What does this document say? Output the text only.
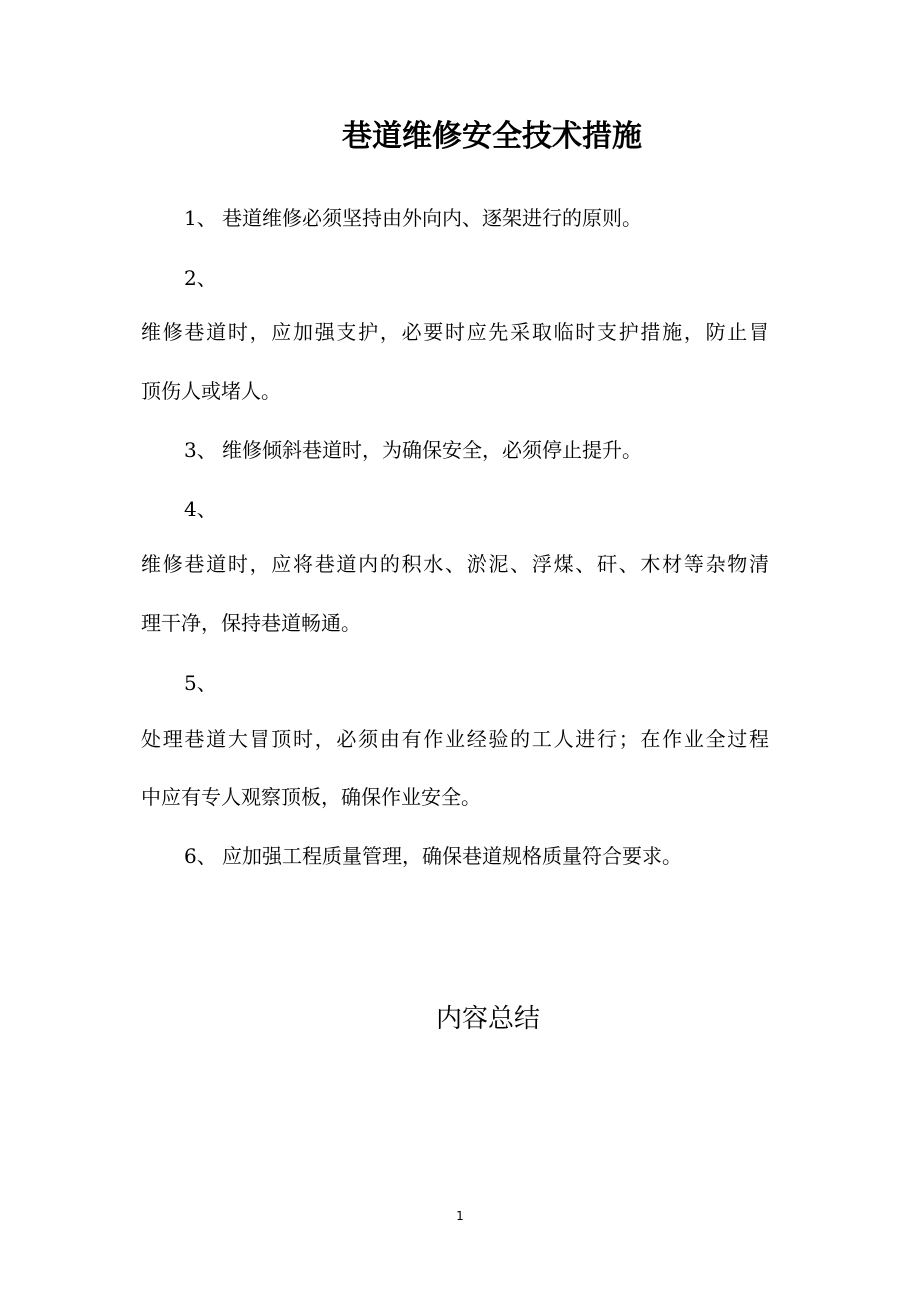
巷道维修安全技术措施
1、 巷道维修必须坚持由外向内、逐架进行的原则。
2、
维修巷道时，应加强支护，必要时应先采取临时支护措施，防止冒
顶伤人或堵人。
3、 维修倾斜巷道时，为确保安全，必须停止提升。
4、
维修巷道时，应将巷道内的积水、淤泥、浮煤、矸、木材等杂物清
理干净，保持巷道畅通。
5、
处理巷道大冒顶时，必须由有作业经验的工人进行；在作业全过程
中应有专人观察顶板，确保作业安全。
6、 应加强工程质量管理，确保巷道规格质量符合要求。
内容总结
1
